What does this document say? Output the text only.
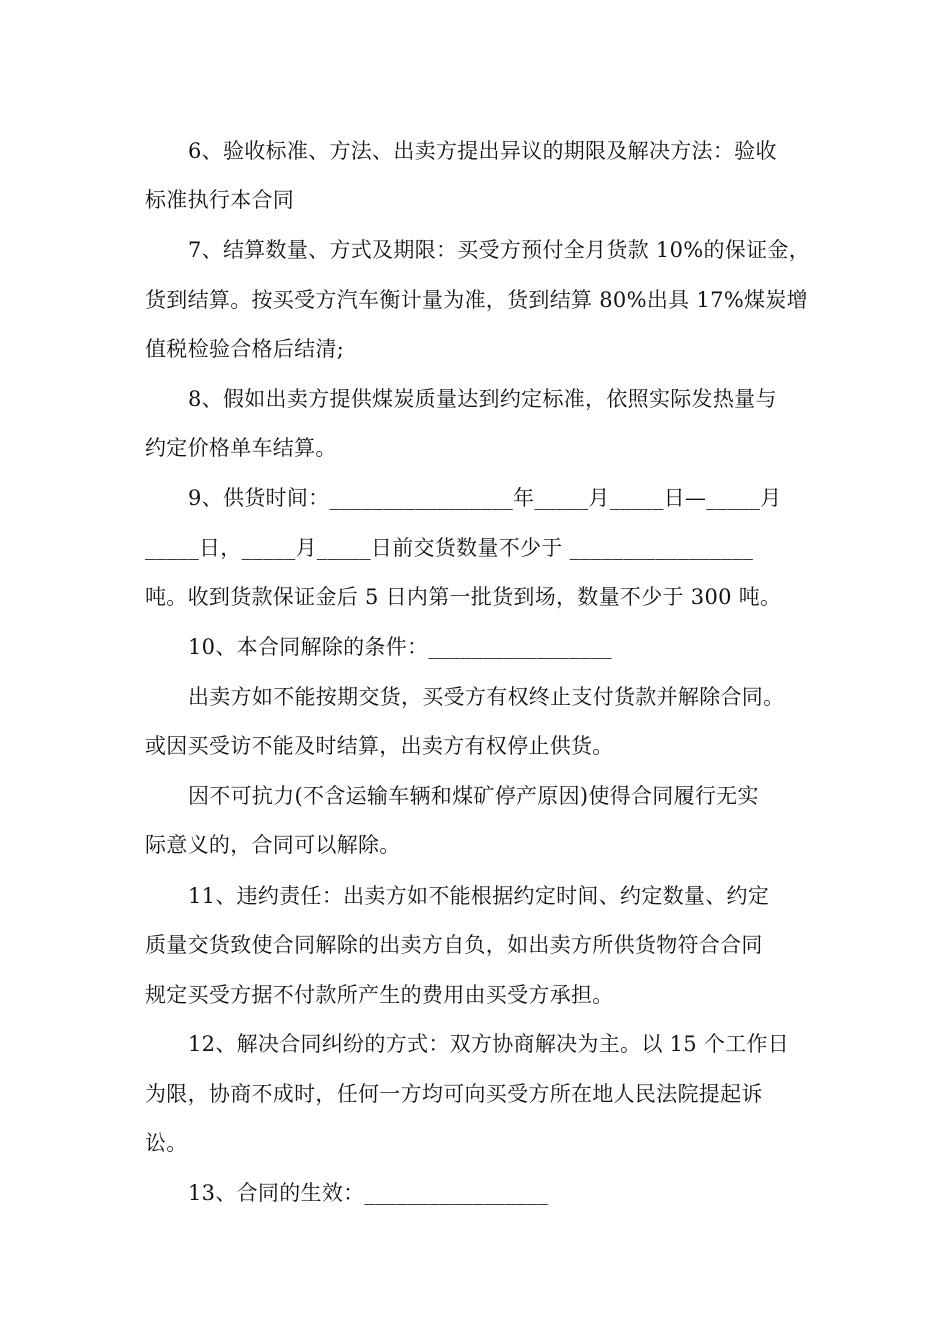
6、验收标准、方法、出卖方提出异议的期限及解决方法：验收
标准执行本合同
7、结算数量、方式及期限：买受方预付全月货款 10%的保证金，
货到结算。按买受方汽车衡计量为准，货到结算 80%出具 17%煤炭增
值税检验合格后结清;
8、假如出卖方提供煤炭质量达到约定标准，依照实际发热量与
约定价格单车结算。
9、供货时间：_________________年_____月_____日—_____月
_____日，_____月_____日前交货数量不少于 _________________
吨。收到货款保证金后 5 日内第一批货到场，数量不少于 300 吨。
10、本合同解除的条件：_________________
出卖方如不能按期交货，买受方有权终止支付货款并解除合同。
或因买受访不能及时结算，出卖方有权停止供货。
因不可抗力(不含运输车辆和煤矿停产原因)使得合同履行无实
际意义的，合同可以解除。
11、违约责任：出卖方如不能根据约定时间、约定数量、约定
质量交货致使合同解除的出卖方自负，如出卖方所供货物符合合同
规定买受方据不付款所产生的费用由买受方承担。
12、解决合同纠纷的方式：双方协商解决为主。以 15 个工作日
为限，协商不成时，任何一方均可向买受方所在地人民法院提起诉
讼。
13、合同的生效：_________________
